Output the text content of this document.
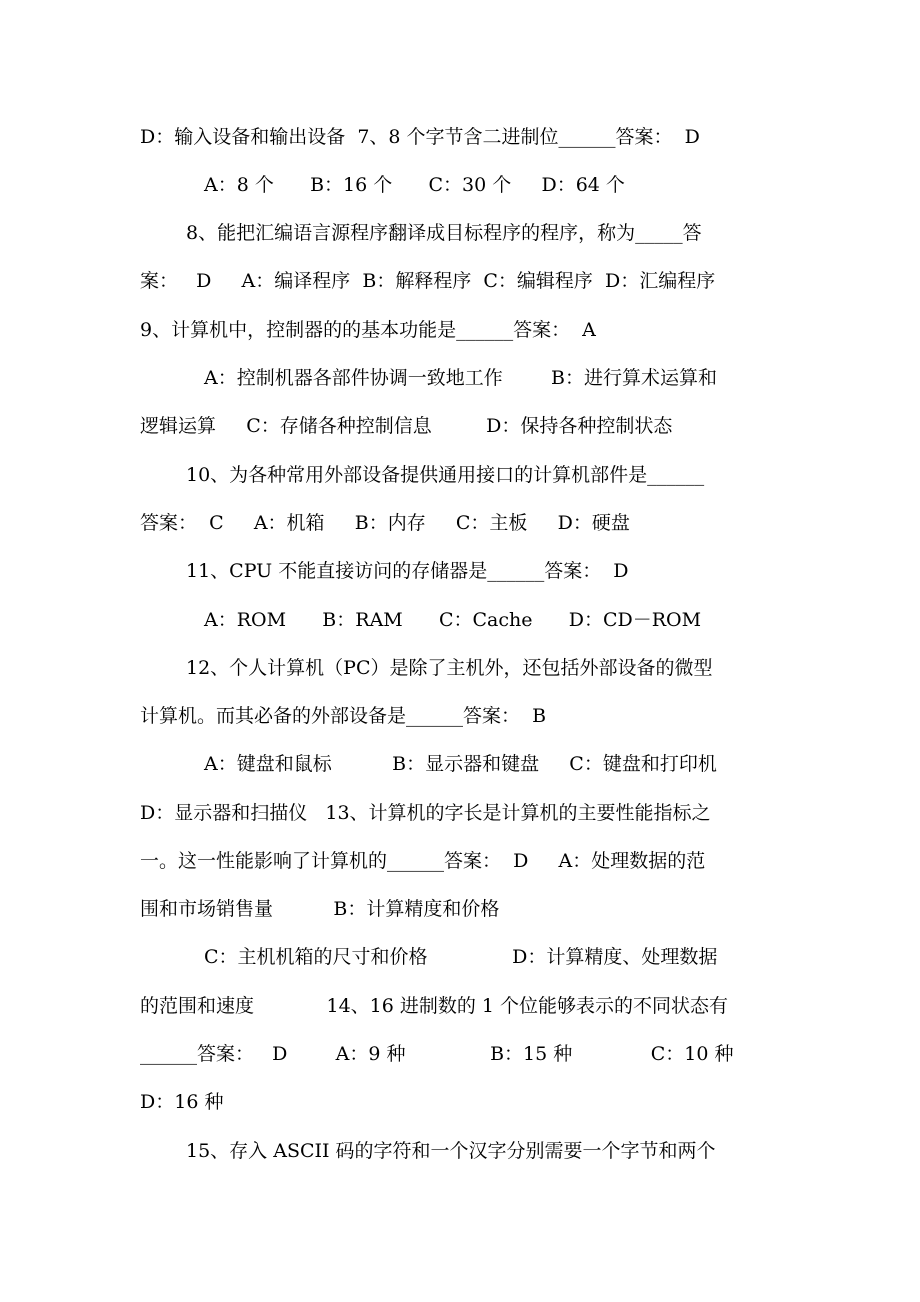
D：输入设备和输出设备  7、8 个字节含二进制位______答案：  D
A：8 个      B：16 个      C：30 个     D：64 个
8、能把汇编语言源程序翻译成目标程序的程序，称为_____答
案：   D     A：编译程序  B：解释程序  C：编辑程序  D：汇编程序
9、计算机中，控制器的的基本功能是______答案：  A
A：控制机器各部件协调一致地工作        B：进行算术运算和
逻辑运算     C：存储各种控制信息         D：保持各种控制状态
10、为各种常用外部设备提供通用接口的计算机部件是______
答案：  C     A：机箱     B：内存     C：主板     D：硬盘
11、CPU 不能直接访问的存储器是______答案：  D
A：ROM      B：RAM      C：Cache      D：CD－ROM
12、个人计算机（PC）是除了主机外，还包括外部设备的微型
计算机。而其必备的外部设备是______答案：  B
A：键盘和鼠标          B：显示器和键盘     C：键盘和打印机
D：显示器和扫描仪   13、计算机的字长是计算机的主要性能指标之
一。这一性能影响了计算机的______答案：  D     A：处理数据的范
围和市场销售量          B：计算精度和价格
C：主机机箱的尺寸和价格              D：计算精度、处理数据
的范围和速度            14、16 进制数的 1 个位能够表示的不同状态有
______答案：   D        A：9 种              B：15 种             C：10 种
D：16 种
15、存入 ASCII 码的字符和一个汉字分别需要一个字节和两个
